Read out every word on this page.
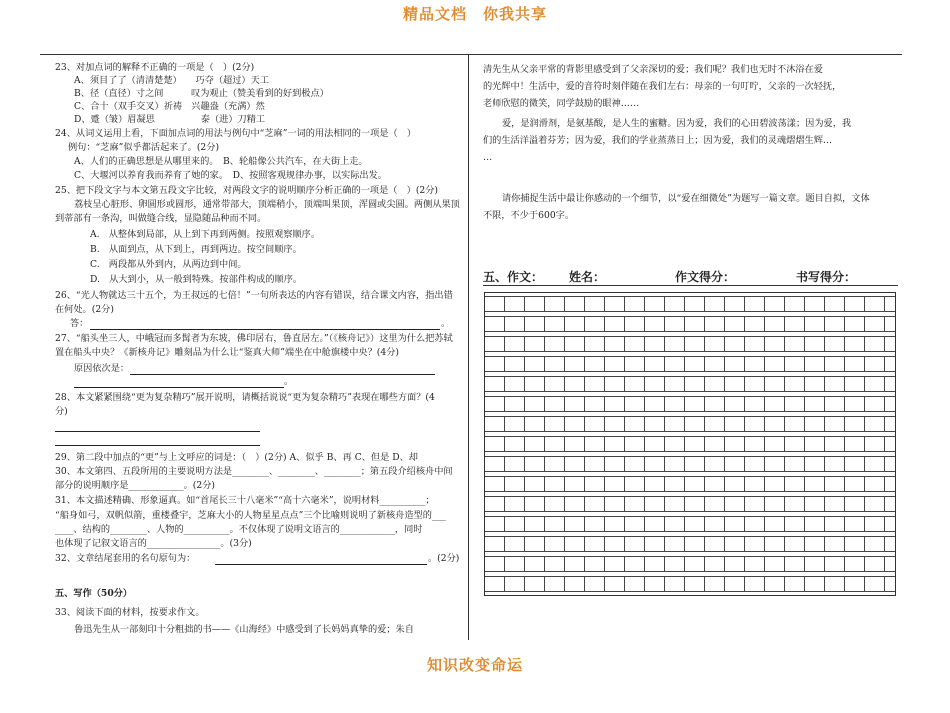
精品文档　你我共享
23、对加点词的解释不正确的一项是（　）(2分)
A、须目了了（清清楚楚）　　巧夺（超过）天工
B、径（直径）寸之间　　　叹为观止（赞美看到的好到极点）
C、合十（双手交叉）祈祷　兴趣盎（充满）然
D、蹙（皱）眉凝思　　　　　泰（进）刀精工
24、从词义运用上看，下面加点词的用法与例句中“芝麻”一词的用法相同的一项是（　）
例句：“芝麻”似乎都活起来了。(2分)
A、人们的正确思想是从哪里来的。　B、轮船像公共汽车，在大街上走。
C、大堰河以养育我而养育了她的家。　D、按照客观规律办事，以实际出发。
25、把下段文字与本文第五段文字比较，对两段文字的说明顺序分析正确的一项是（　）(2分)
荔枝呈心脏形、卵圆形或圆形，通常带部大，顶端稍小，顶端叫果顶，浑圆或尖圆。两侧从果顶
到蒂部有一条沟，叫做缝合线，显隐随品种而不同。
A.　从整体到局部，从上到下再到两侧。按照观察顺序。
B.　从面到点，从下到上，再到两边。按空间顺序。
C.　两段都从外到内，从两边到中间。
D.　从大到小，从一般到特殊。按部件构成的顺序。
26、“光人物就达三十五个，为王叔远的七倍！”一句所表达的内容有错误，结合课文内容，指出错
在何处。(2分)
答：	。
27、“船头坐三人，中峨冠而多髯者为东坡，佛印居右，鲁直居左。”（《核舟记》）这里为什么把苏轼
置在船头中央？《新核舟记》雕刻品为什么让“鉴真大师”端坐在中舱旗楼中央？(4分)
原因依次是：
。
28、本文紧紧围绕“更为复杂精巧”展开说明，请概括说说“更为复杂精巧”表现在哪些方面？(4
分)
29、第二段中加点的“更”与上文呼应的词是：（　）(2分) A、似乎 B、再 C、但是 D、却
30、本文第四、五段所用的主要说明方法是________、________、________；第五段介绍核舟中间
部分的说明顺序是____________。(2分)
31、本文描述精确、形象逼真。如“首尾长三十八毫米”“高十六毫米”，说明材料__________；
“船身如弓，双帆似箭，重楼叠宇，芝麻大小的人物星星点点”三个比喻则说明了新核舟造型的___
____、结构的________、人物的__________。不仅体现了说明文语言的____________，同时
也体现了记叙文语言的________________。(3分)
32、文章结尾套用的名句原句为：	。(2分)
五、写作（50分）
33、阅读下面的材料，按要求作文。
鲁迅先生从一部刻印十分粗拙的书——《山海经》中感受到了长妈妈真挚的爱；朱自
清先生从父亲平常的背影里感受到了父亲深切的爱；我们呢？我们也无时不沐浴在爱
的光辉中！生活中，爱的音符时刻伴随在我们左右：母亲的一句叮咛，父亲的一次轻抚，
老师欣慰的微笑，同学鼓励的眼神……
爱，是润滑剂，是氨基酸，是人生的蜜糖。因为爱，我们的心田碧波荡漾；因为爱，我
们的生活洋溢着芬芳；因为爱，我们的学业蒸蒸日上；因为爱，我们的灵魂熠熠生辉…
…
请你捕捉生活中最让你感动的一个细节，以“爱在细微处”为题写一篇文章。题目自拟，文体
不限，不少于600字。
五、作文： 姓名：	作文得分：	书写得分：
知识改变命运
